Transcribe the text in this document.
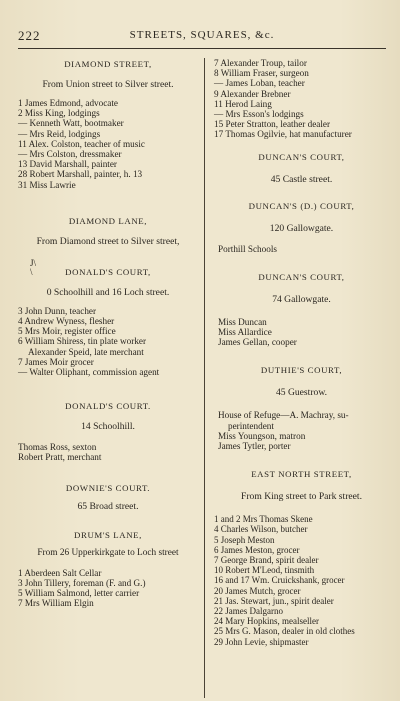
222	STREETS, SQUARES, &c.

DIAMOND STREET,

From Union street to Silver street.

1 James Edmond, advocate
2 Miss King, lodgings
— Kenneth Watt, bootmaker
— Mrs Reid, lodgings
11 Alex. Colston, teacher of music
— Mrs Colston, dressmaker
13 David Marshall, painter
28 Robert Marshall, painter, h. 13
31 Miss Lawrie

DIAMOND LANE,

From Diamond street to Silver street,

J\ \	DONALD'S COURT,

0 Schoolhill and 16 Loch street.

3 John Dunn, teacher
4 Andrew Wyness, flesher
5 Mrs Moir, register office
6 William Shiress, tin plate worker
Alexander Speid, late merchant
7 James Moir grocer
— Walter Oliphant, commission agent

DONALD'S COURT.

14 Schoolhill.

Thomas Ross, sexton
Robert Pratt, merchant

DOWNIE'S COURT.

65 Broad street.

DRUM'S LANE,

From 26 Upperkirkgate to Loch street

1 Aberdeen Salt Cellar
3 John Tillery, foreman (F. and G.)
5 William Salmond, letter carrier
7 Mrs William Elgin
7 Alexander Troup, tailor
8 William Fraser, surgeon
— James Loban, teacher
9 Alexander Brebner
11 Herod Laing
— Mrs Esson's lodgings
15 Peter Stratton, leather dealer
17 Thomas Ogilvie, hat manufacturer

DUNCAN'S COURT,

45 Castle street.

DUNCAN'S (D.) COURT,

120 Gallowgate.

Porthill Schools

DUNCAN'S COURT,

74 Gallowgate.

Miss Duncan
Miss Allardice
James Gellan, cooper

DUTHIE'S COURT,

45 Guestrow.

House of Refuge—A. Machray, su-
perintendent
Miss Youngson, matron
James Tytler, porter

EAST NORTH STREET,

From King street to Park street.

1 and 2 Mrs Thomas Skene
4 Charles Wilson, butcher
5 Joseph Meston
6 James Meston, grocer
7 George Brand, spirit dealer
10 Robert M'Leod, tinsmith
16 and 17 Wm. Cruickshank, grocer
20 James Mutch, grocer
21 Jas. Stewart, jun., spirit dealer
22 James Dalgarno
24 Mary Hopkins, mealseller
25 Mrs G. Mason, dealer in old clothes
29 John Levie, shipmaster
